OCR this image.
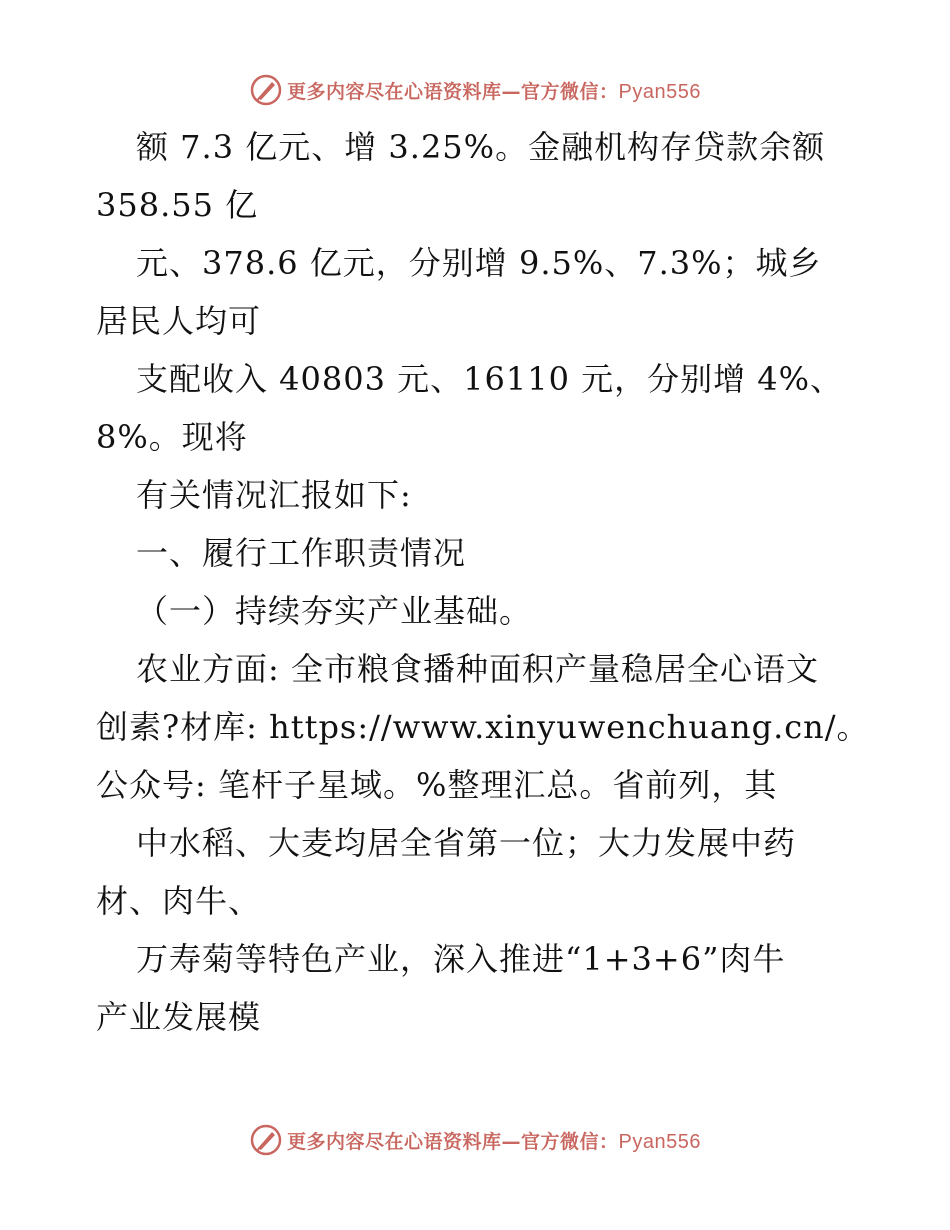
更多内容尽在心语资料库—官方微信：Pyan556
额 7.3 亿元、增 3.25%。金融机构存贷款余额
358.55 亿
元、378.6 亿元，分别增 9.5%、7.3%；城乡
居民人均可
支配收入 40803 元、16110 元，分别增 4%、
8%。现将
有关情况汇报如下:
一、履行工作职责情况
（一）持续夯实产业基础。
农业方面: 全市粮食播种面积产量稳居全心语文
创素?材库: https://www.xinyuwenchuang.cn/。
公众号: 笔杆子星域。%整理汇总。省前列，其
中水稻、大麦均居全省第一位；大力发展中药
材、肉牛、
万寿菊等特色产业，深入推进“1+3+6”肉牛
产业发展模
更多内容尽在心语资料库—官方微信：Pyan556
